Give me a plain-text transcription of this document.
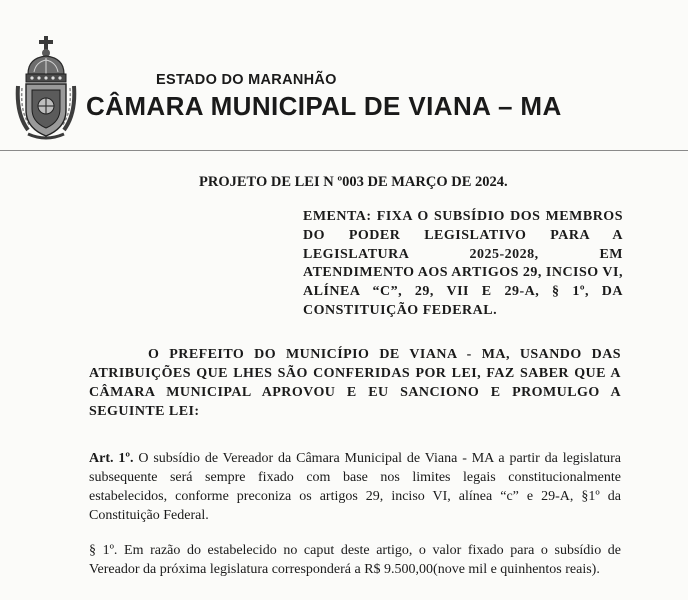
ESTADO DO MARANHÃO
CÂMARA MUNICIPAL DE VIANA – MA
PROJETO DE LEI N º003 DE MARÇO DE 2024.
EMENTA: FIXA O SUBSÍDIO DOS MEMBROS DO PODER LEGISLATIVO PARA A LEGISLATURA 2025-2028, EM ATENDIMENTO AOS ARTIGOS 29, INCISO VI, ALÍNEA “C”, 29, VII E 29-A, § 1º, DA CONSTITUIÇÃO FEDERAL.
O PREFEITO DO MUNICÍPIO DE VIANA - MA, USANDO DAS ATRIBUIÇÕES QUE LHES SÃO CONFERIDAS POR LEI, FAZ SABER QUE A CÂMARA MUNICIPAL APROVOU E EU SANCIONO E PROMULGO A SEGUINTE LEI:
Art. 1º. O subsídio de Vereador da Câmara Municipal de Viana - MA a partir da legislatura subsequente será sempre fixado com base nos limites legais constitucionalmente estabelecidos, conforme preconiza os artigos 29, inciso VI, alínea “c” e 29-A, §1º da Constituição Federal.
§ 1º. Em razão do estabelecido no caput deste artigo, o valor fixado para o subsídio de Vereador da próxima legislatura corresponderá a R$ 9.500,00(nove mil e quinhentos reais).
